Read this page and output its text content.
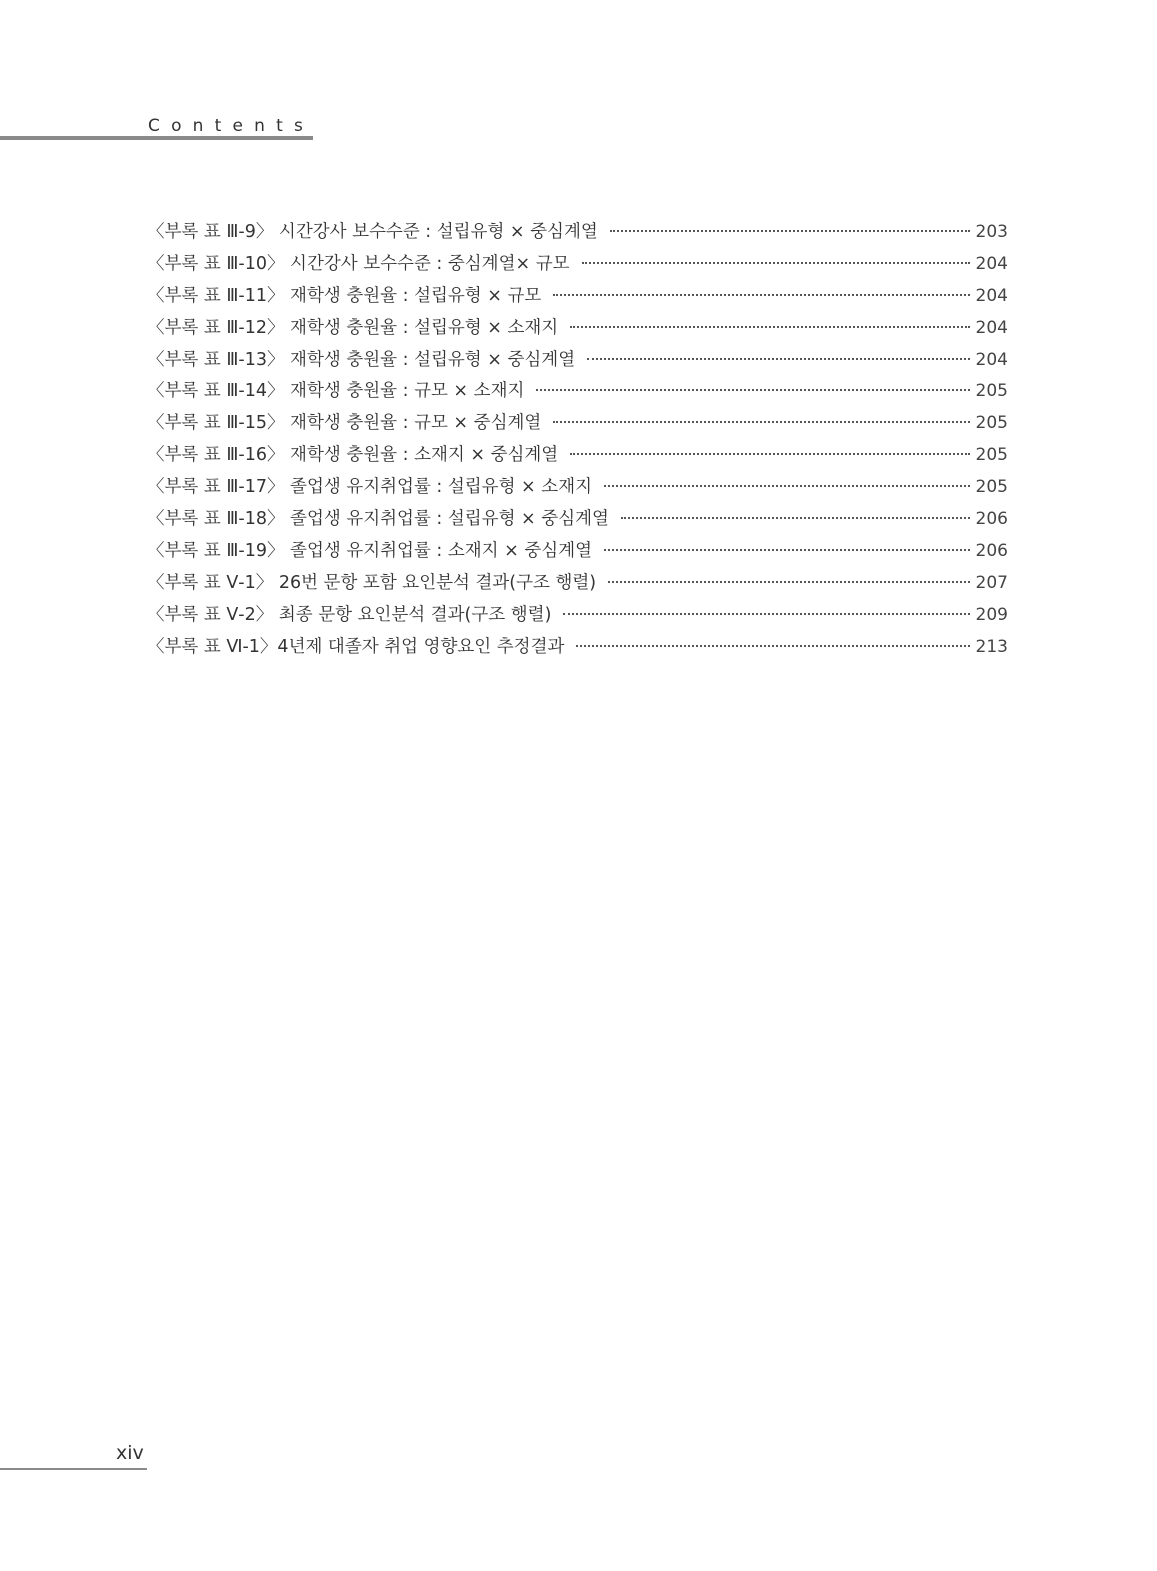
Contents
〈부록 표 Ⅲ-9〉 시간강사 보수수준 : 설립유형 × 중심계열	203
〈부록 표 Ⅲ-10〉 시간강사 보수수준 : 중심계열× 규모	204
〈부록 표 Ⅲ-11〉 재학생 충원율 : 설립유형 × 규모	204
〈부록 표 Ⅲ-12〉 재학생 충원율 : 설립유형 × 소재지	204
〈부록 표 Ⅲ-13〉 재학생 충원율 : 설립유형 × 중심계열	204
〈부록 표 Ⅲ-14〉 재학생 충원율 : 규모 × 소재지	205
〈부록 표 Ⅲ-15〉 재학생 충원율 : 규모 × 중심계열	205
〈부록 표 Ⅲ-16〉 재학생 충원율 : 소재지 × 중심계열	205
〈부록 표 Ⅲ-17〉 졸업생 유지취업률 : 설립유형 × 소재지	205
〈부록 표 Ⅲ-18〉 졸업생 유지취업률 : 설립유형 × 중심계열	206
〈부록 표 Ⅲ-19〉 졸업생 유지취업률 : 소재지 × 중심계열	206
〈부록 표 Ⅴ-1〉 26번 문항 포함 요인분석 결과(구조 행렬)	207
〈부록 표 Ⅴ-2〉 최종 문항 요인분석 결과(구조 행렬)	209
〈부록 표 Ⅵ-1〉4년제 대졸자 취업 영향요인 추정결과	213
xiv
